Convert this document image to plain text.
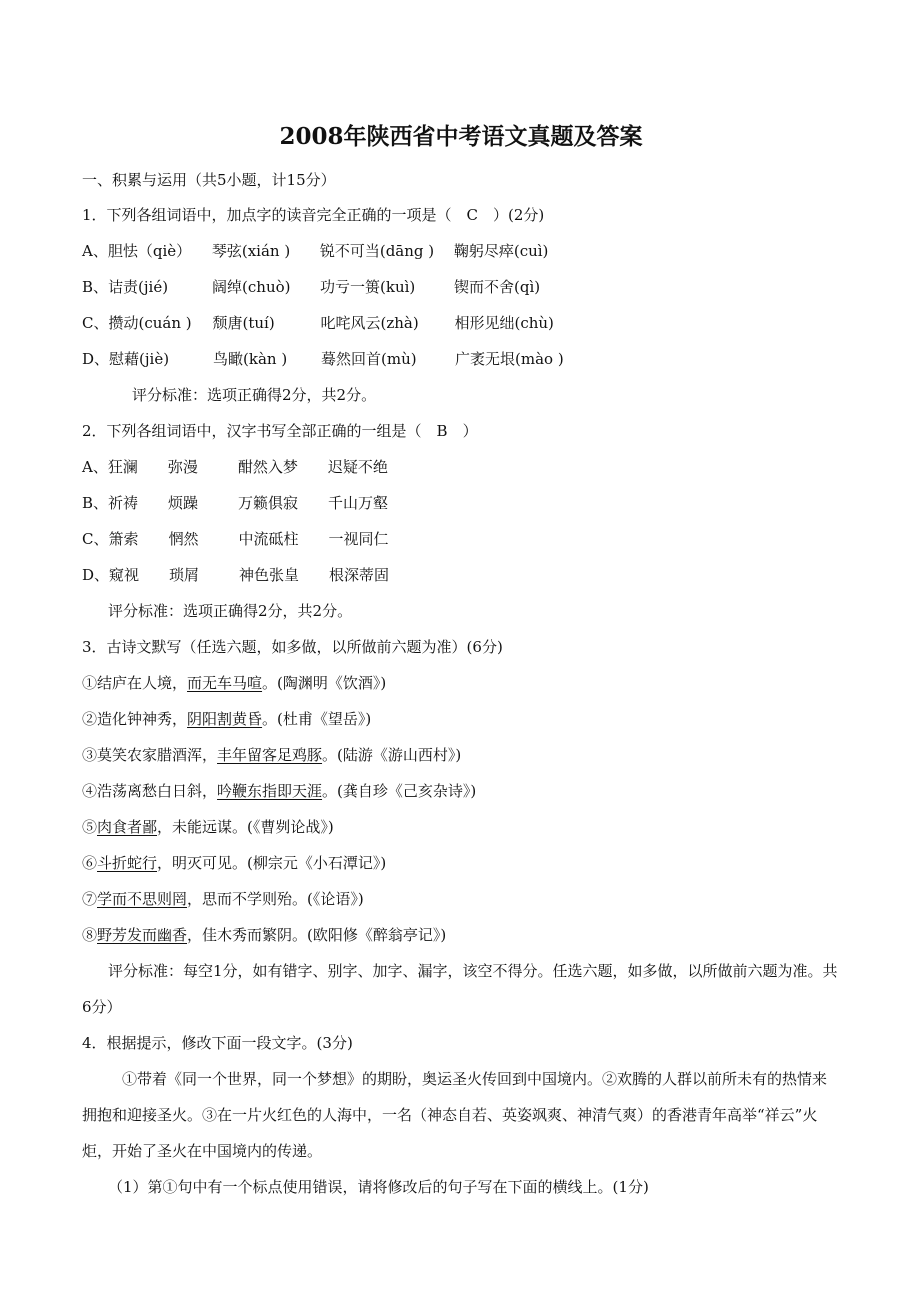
2008年陕西省中考语文真题及答案

一、积累与运用（共5小题，计15分）

1．下列各组词语中，加点字的读音完全正确的一项是（　C　）(2分)

A、胆怯（qiè） 琴弦(xián ) 锐不可当(dāng ) 鞠躬尽瘁(cuì)

B、诘责(jié)	阔绰(chuò) 功亏一篑(kuì)	锲而不舍(qì)

C、攒动(cuán ) 颓唐(tuí)	叱咤风云(zhà) 相形见绌(chù)

D、慰藉(jiè)	鸟瞰(kàn ) 蓦然回首(mù)	广袤无垠(mào )

评分标准：选项正确得2分，共2分。

2．下列各组词语中，汉字书写全部正确的一组是（　B　）

A、狂澜 弥漫	酣然入梦 迟疑不绝

B、祈祷 烦躁	万籁俱寂 千山万壑

C、箫索 惘然	中流砥柱 一视同仁

D、窥视 琐屑	神色张皇 根深蒂固

评分标准：选项正确得2分，共2分。

3．古诗文默写（任选六题，如多做，以所做前六题为准）(6分)

①结庐在人境，而无车马喧。(陶渊明《饮酒》)

②造化钟神秀，阴阳割黄昏。(杜甫《望岳》)

③莫笑农家腊酒浑，丰年留客足鸡豚。(陆游《游山西村》)

④浩荡离愁白日斜，吟鞭东指即天涯。(龚自珍《己亥杂诗》)

⑤肉食者鄙，未能远谋。(《曹刿论战》)

⑥斗折蛇行，明灭可见。(柳宗元《小石潭记》)

⑦学而不思则罔，思而不学则殆。(《论语》)

⑧野芳发而幽香，佳木秀而繁阴。(欧阳修《醉翁亭记》)

评分标准：每空1分，如有错字、别字、加字、漏字，该空不得分。任选六题，如多做，以所做前六题为准。共6分）

4．根据提示，修改下面一段文字。(3分)

①带着《同一个世界，同一个梦想》的期盼，奥运圣火传回到中国境内。②欢腾的人群以前所未有的热情来拥抱和迎接圣火。③在一片火红色的人海中，一名（神态自若、英姿飒爽、神清气爽）的香港青年高举“祥云”火炬，开始了圣火在中国境内的传递。

（1）第①句中有一个标点使用错误，请将修改后的句子写在下面的横线上。(1分)
